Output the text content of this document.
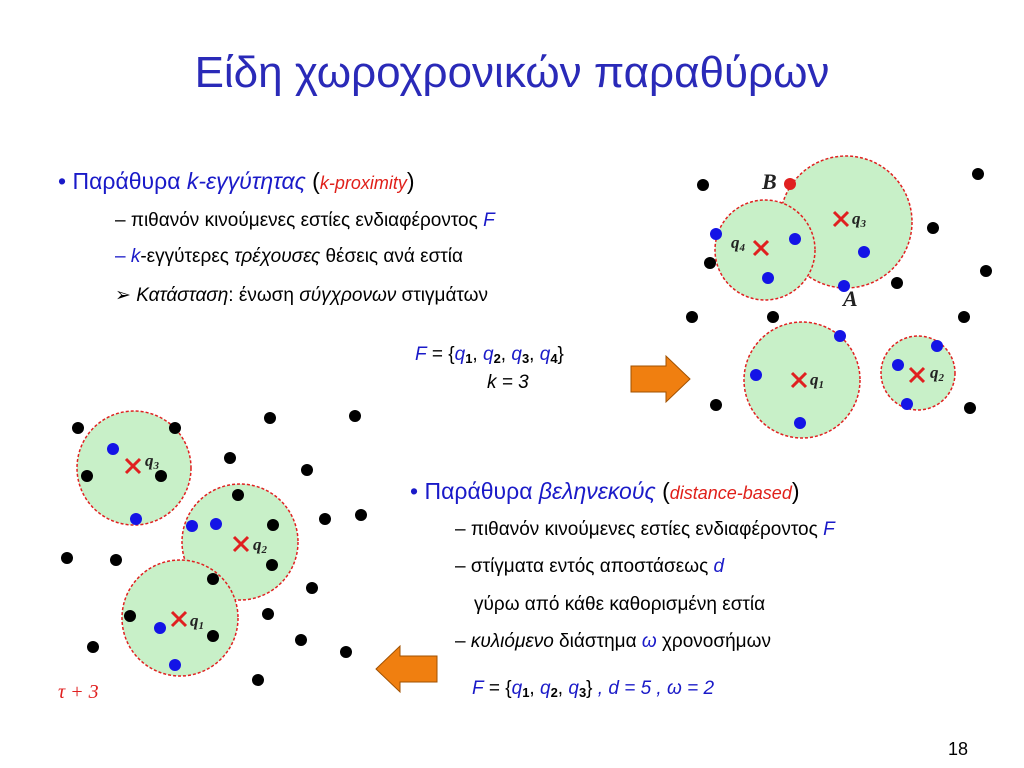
Είδη χωροχρονικών παραθύρων
• Παράθυρα k-εγγύτητας (k-proximity)
– πιθανόν κινούμενες εστίες ενδιαφέροντος F
– k-εγγύτερες τρέχουσες θέσεις ανά εστία
➢ Κατάσταση: ένωση σύγχρονων στιγμάτων
$F = \{q_1$, $q_2$, $q_3$, $q_4$}
k = 3
• Παράθυρα βεληνεκούς (distance-based)
– πιθανόν κινούμενες εστίες ενδιαφέροντος F
– στίγματα εντός αποστάσεως d
γύρω από κάθε καθορισμένη εστία
– κυλιόμενο διάστημα ω χρονοσήμων
$F = \{q_1$, $q_2$, $q_3$} , d = 5 , ω = 2
18
B
A
q3
q4
q1
q2
q3
q2
q1
τ + 3
